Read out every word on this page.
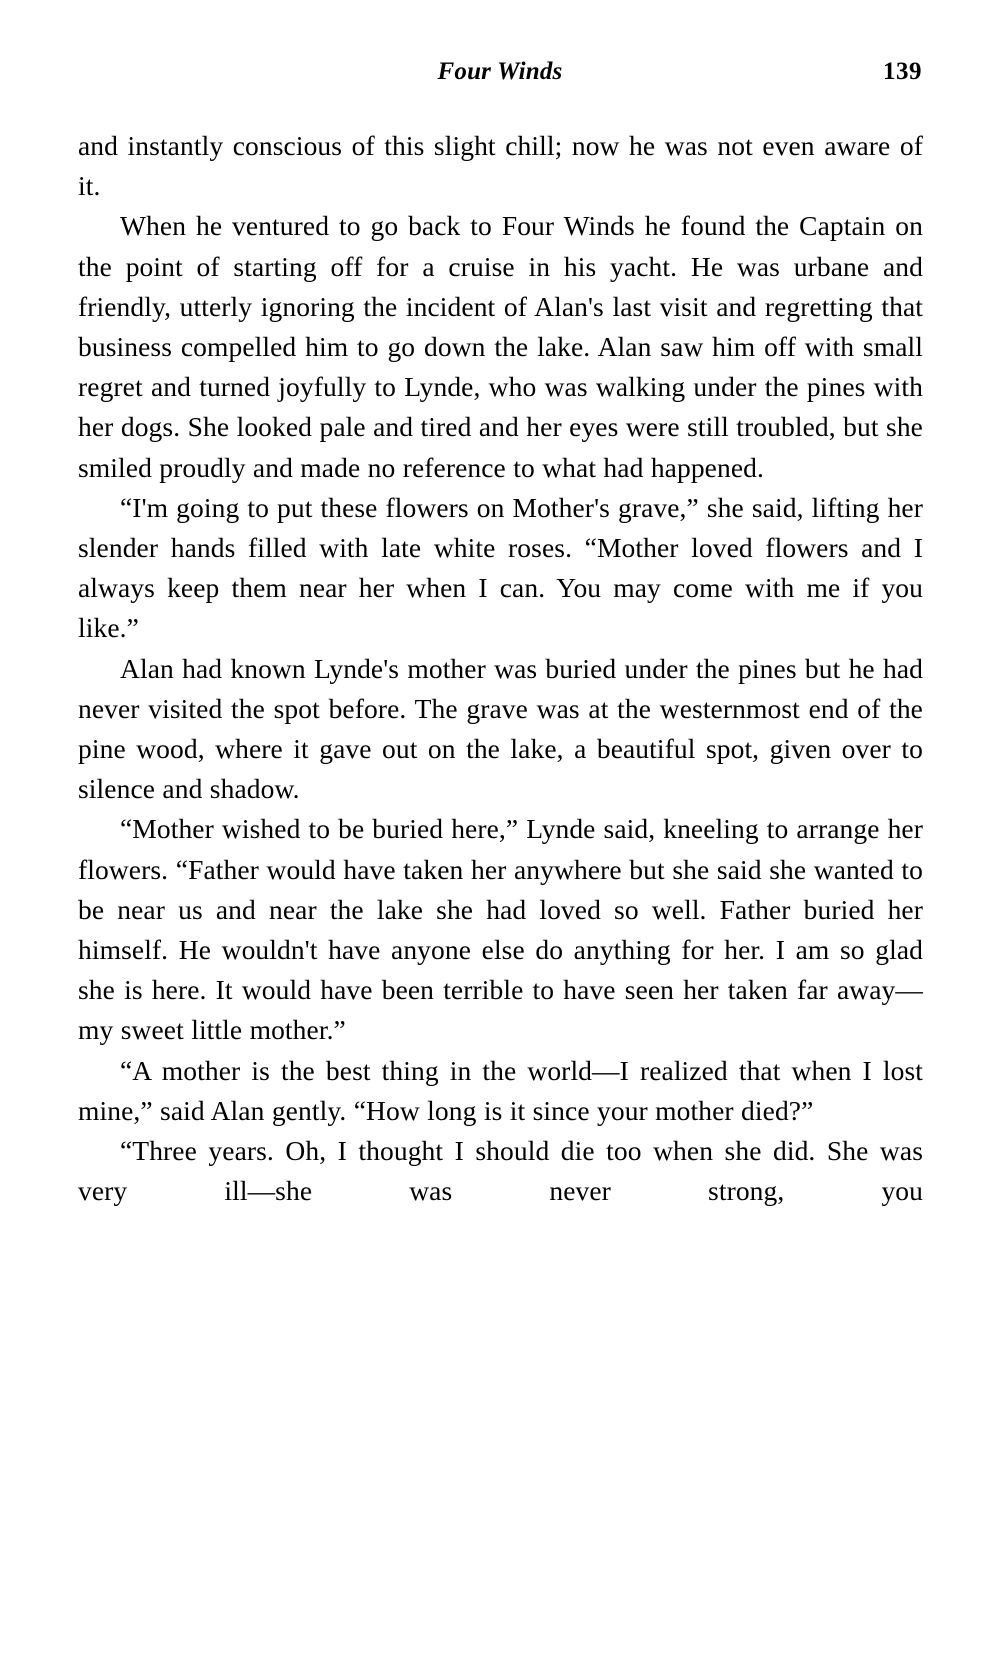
Four Winds	139

and instantly conscious of this slight chill; now he was not even aware of it.

When he ventured to go back to Four Winds he found the Captain on the point of starting off for a cruise in his yacht. He was urbane and friendly, utterly ignoring the incident of Alan's last visit and regretting that business compelled him to go down the lake. Alan saw him off with small regret and turned joyfully to Lynde, who was walking under the pines with her dogs. She looked pale and tired and her eyes were still troubled, but she smiled proudly and made no reference to what had happened.

“I'm going to put these flowers on Mother's grave,” she said, lifting her slender hands filled with late white roses. “Mother loved flowers and I always keep them near her when I can. You may come with me if you like.”

Alan had known Lynde's mother was buried under the pines but he had never visited the spot before. The grave was at the westernmost end of the pine wood, where it gave out on the lake, a beautiful spot, given over to silence and shadow.

“Mother wished to be buried here,” Lynde said, kneeling to arrange her flowers. “Father would have taken her anywhere but she said she wanted to be near us and near the lake she had loved so well. Father buried her himself. He wouldn't have anyone else do anything for her. I am so glad she is here. It would have been terrible to have seen her taken far away—my sweet little mother.”

“A mother is the best thing in the world—I realized that when I lost mine,” said Alan gently. “How long is it since your mother died?”

“Three years. Oh, I thought I should die too when she did. She was very ill—she was never strong, you
